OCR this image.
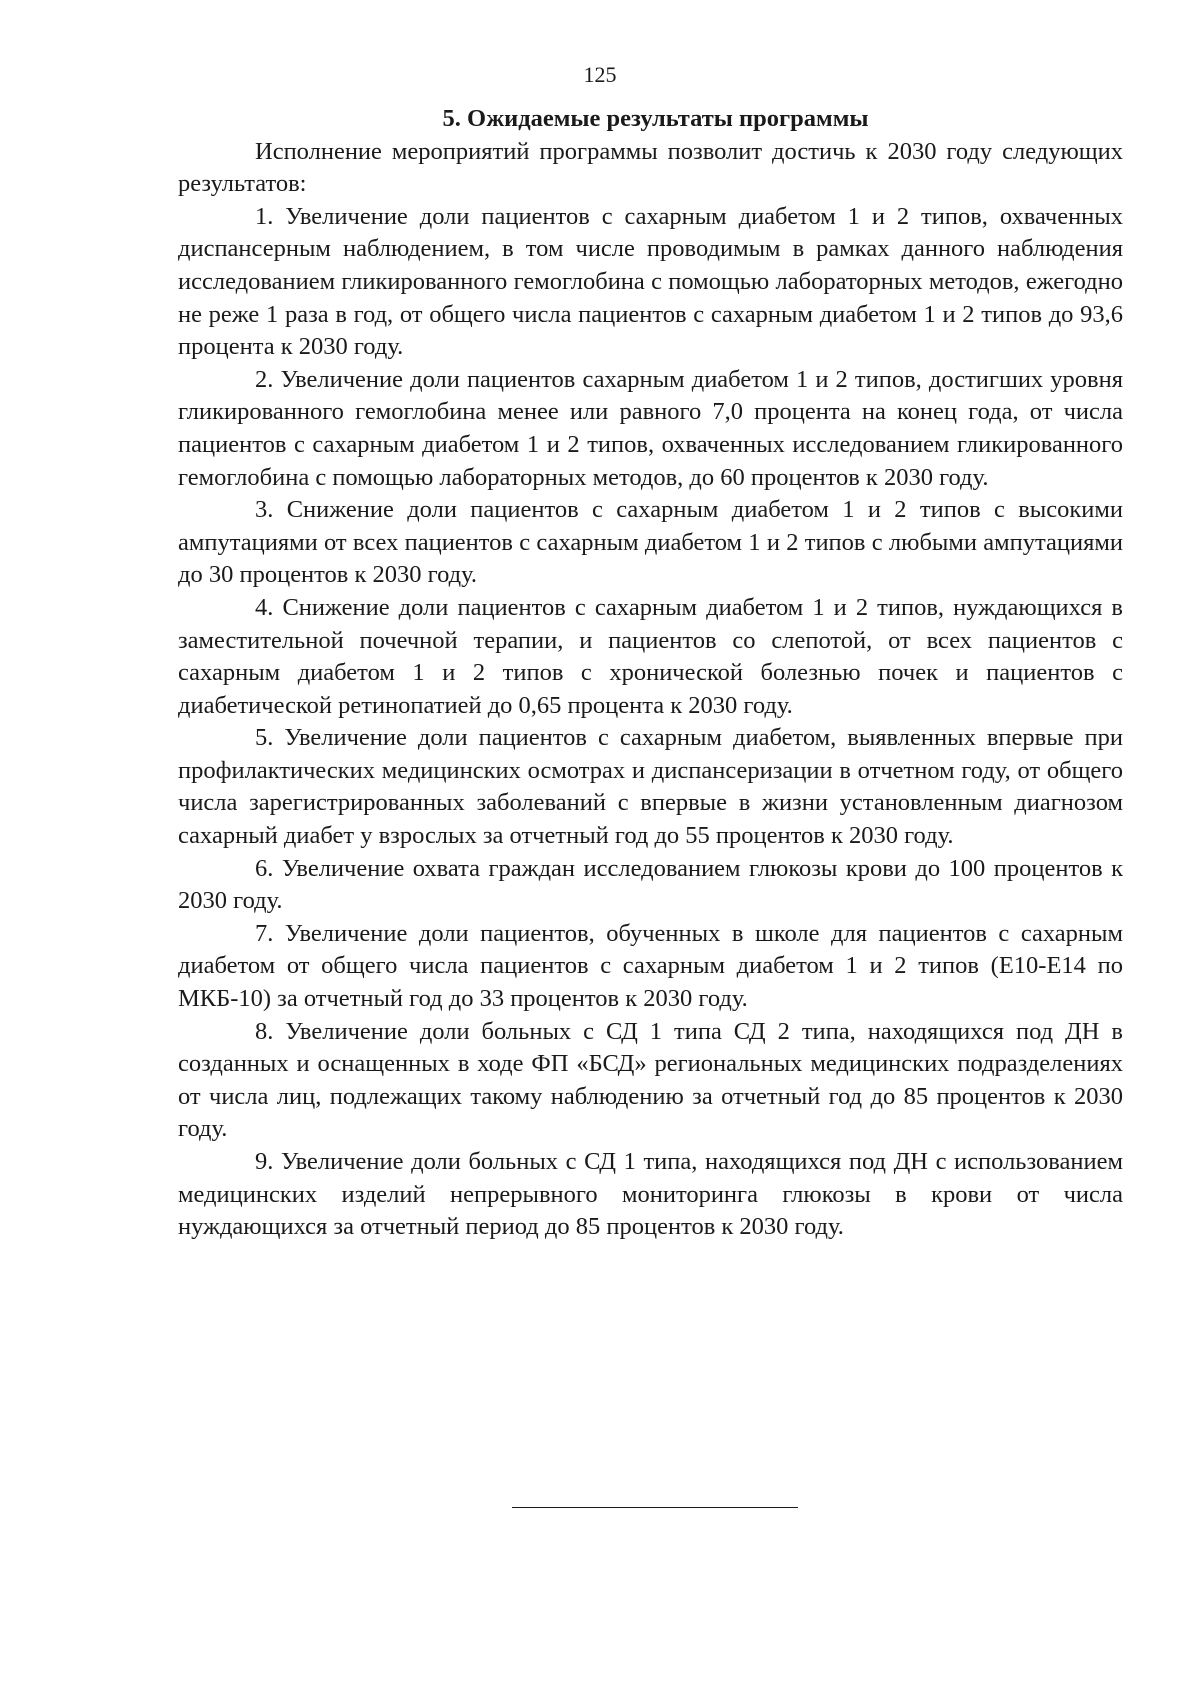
125
5. Ожидаемые результаты программы

Исполнение мероприятий программы позволит достичь к 2030 году следующих результатов:

1. Увеличение доли пациентов с сахарным диабетом 1 и 2 типов, охваченных диспансерным наблюдением, в том числе проводимым в рамках данного наблюдения исследованием гликированного гемоглобина с помощью лабораторных методов, ежегодно не реже 1 раза в год, от общего числа пациентов с сахарным диабетом 1 и 2 типов до 93,6 процента к 2030 году.

2. Увеличение доли пациентов сахарным диабетом 1 и 2 типов, достигших уровня гликированного гемоглобина менее или равного 7,0 процента на конец года, от числа пациентов с сахарным диабетом 1 и 2 типов, охваченных исследованием гликированного гемоглобина с помощью лабораторных методов, до 60 процентов к 2030 году.

3. Снижение доли пациентов с сахарным диабетом 1 и 2 типов с высокими ампутациями от всех пациентов с сахарным диабетом 1 и 2 типов с любыми ампутациями до 30 процентов к 2030 году.

4. Снижение доли пациентов с сахарным диабетом 1 и 2 типов, нуждающихся в заместительной почечной терапии, и пациентов со слепотой, от всех пациентов с сахарным диабетом 1 и 2 типов с хронической болезнью почек и пациентов с диабетической ретинопатией до 0,65 процента к 2030 году.

5. Увеличение доли пациентов с сахарным диабетом, выявленных впервые при профилактических медицинских осмотрах и диспансеризации в отчетном году, от общего числа зарегистрированных заболеваний с впервые в жизни установленным диагнозом сахарный диабет у взрослых за отчетный год до 55 процентов к 2030 году.

6. Увеличение охвата граждан исследованием глюкозы крови до 100 процентов к 2030 году.

7. Увеличение доли пациентов, обученных в школе для пациентов с сахарным диабетом от общего числа пациентов с сахарным диабетом 1 и 2 типов (Е10-Е14 по МКБ-10) за отчетный год до 33 процентов к 2030 году.

8. Увеличение доли больных с СД 1 типа СД 2 типа, находящихся под ДН в созданных и оснащенных в ходе ФП «БСД» региональных медицинских подразделениях от числа лиц, подлежащих такому наблюдению за отчетный год до 85 процентов к 2030 году.

9. Увеличение доли больных с СД 1 типа, находящихся под ДН с использованием медицинских изделий непрерывного мониторинга глюкозы в крови от числа нуждающихся за отчетный период до 85 процентов к 2030 году.
